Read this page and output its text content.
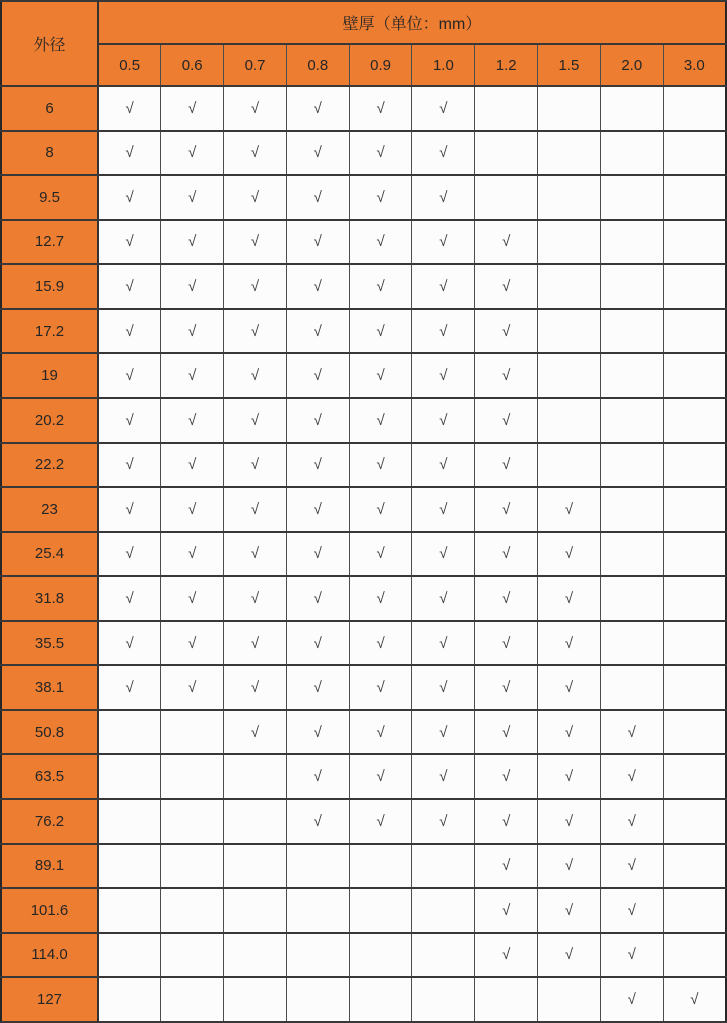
外径	壁厚（单位：mm）									
	0.5	0.6	0.7	0.8	0.9	1.0	1.2	1.5	2.0	3.0
6	√	√	√	√	√	√				
8	√	√	√	√	√	√				
9.5	√	√	√	√	√	√				
12.7	√	√	√	√	√	√	√			
15.9	√	√	√	√	√	√	√			
17.2	√	√	√	√	√	√	√			
19	√	√	√	√	√	√	√			
20.2	√	√	√	√	√	√	√			
22.2	√	√	√	√	√	√	√			
23	√	√	√	√	√	√	√	√		
25.4	√	√	√	√	√	√	√	√		
31.8	√	√	√	√	√	√	√	√		
35.5	√	√	√	√	√	√	√	√		
38.1	√	√	√	√	√	√	√	√		
50.8			√	√	√	√	√	√	√	
63.5				√	√	√	√	√	√	
76.2				√	√	√	√	√	√	
89.1							√	√	√	
101.6							√	√	√	
114.0							√	√	√	
127									√	√
